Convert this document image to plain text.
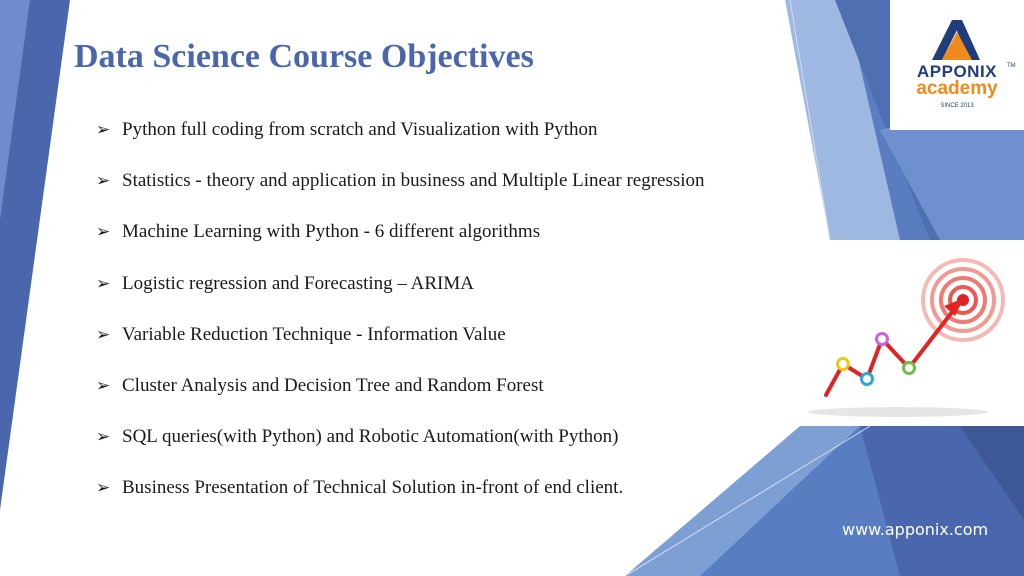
Data Science Course Objectives
➢ Python full coding from scratch and Visualization with Python
➢ Statistics - theory and application in business and Multiple Linear regression
➢ Machine Learning with Python - 6 different algorithms
➢ Logistic regression and Forecasting – ARIMA
➢ Variable Reduction Technique - Information Value
➢ Cluster Analysis and Decision Tree and Random Forest
➢ SQL queries(with Python) and Robotic Automation(with Python)
➢ Business Presentation of Technical Solution in-front of end client.
APPONIX	TM
academy
SINCE 2013
www.apponix.com
